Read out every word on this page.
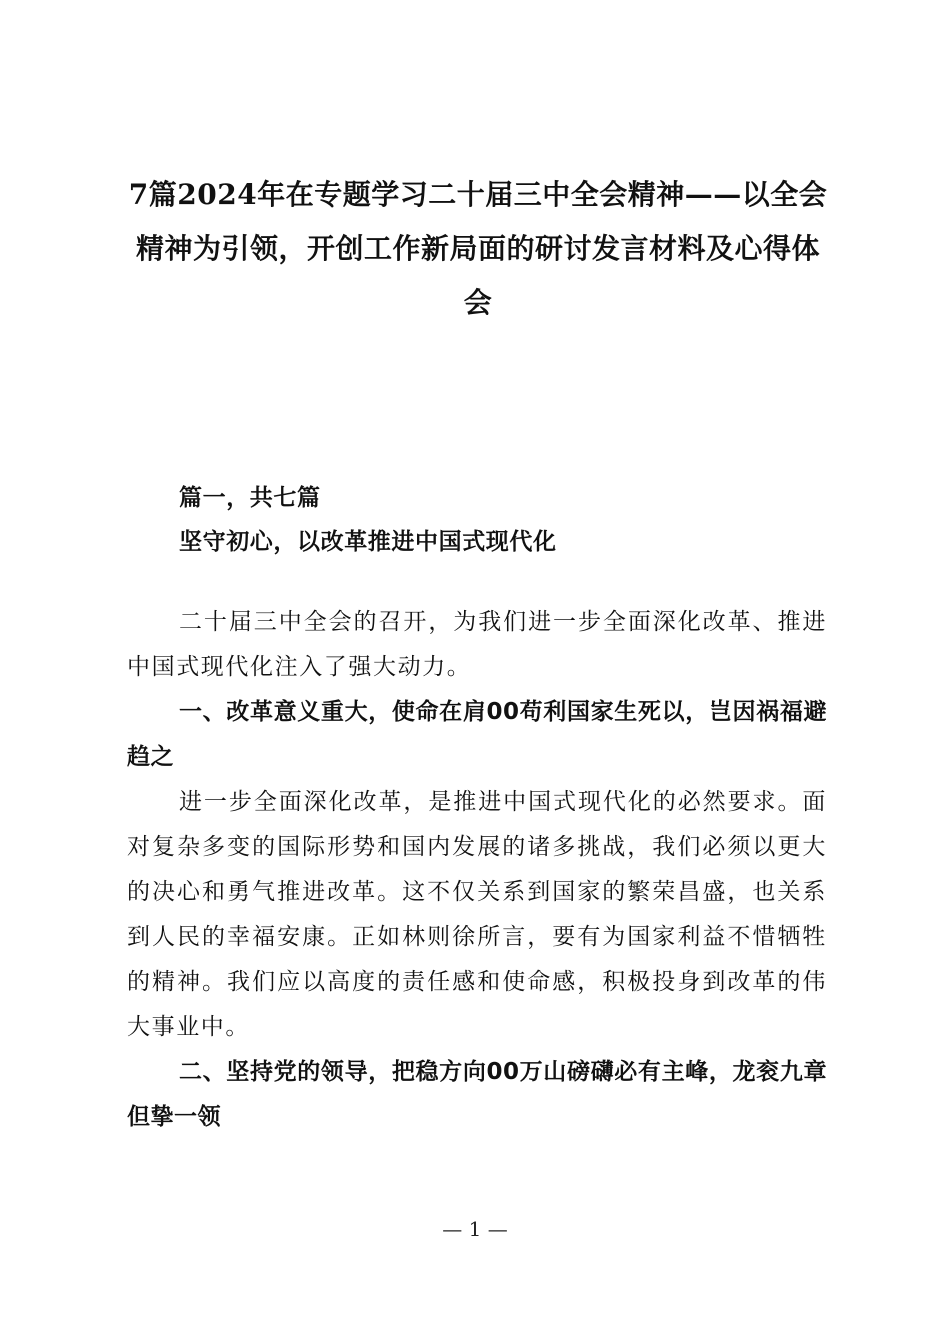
7篇2024年在专题学习二十届三中全会精神——以全会精神为引领，开创工作新局面的研讨发言材料及心得体会

篇一，共七篇

坚守初心，以改革推进中国式现代化

二十届三中全会的召开，为我们进一步全面深化改革、推进中国式现代化注入了强大动力。

一、改革意义重大，使命在肩00苟利国家生死以，岂因祸福避趋之

进一步全面深化改革，是推进中国式现代化的必然要求。面对复杂多变的国际形势和国内发展的诸多挑战，我们必须以更大的决心和勇气推进改革。这不仅关系到国家的繁荣昌盛，也关系到人民的幸福安康。正如林则徐所言，要有为国家利益不惜牺牲的精神。我们应以高度的责任感和使命感，积极投身到改革的伟大事业中。

二、坚持党的领导，把稳方向00万山磅礴必有主峰，龙衮九章但挚一领

— 1 —
